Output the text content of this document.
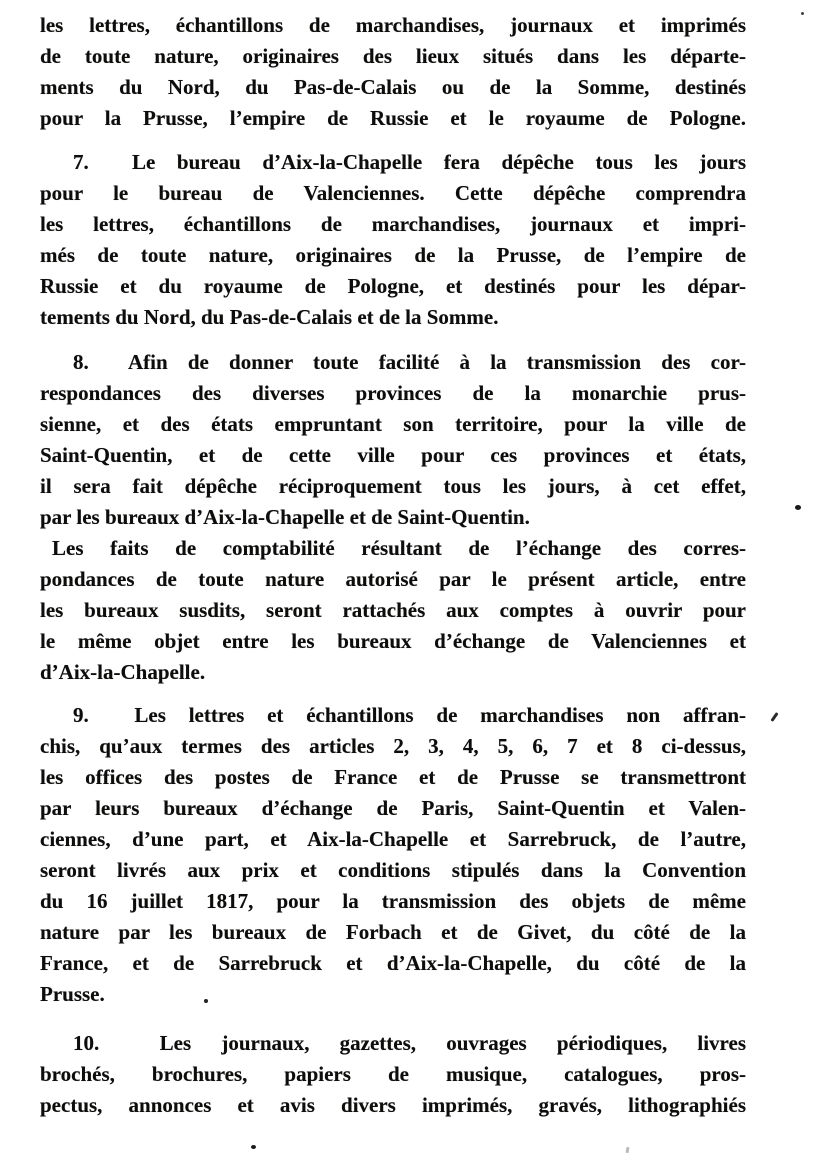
les lettres, échantillons de marchandises, journaux et imprimés
de toute nature, originaires des lieux situés dans les départe-
ments du Nord, du Pas-de-Calais ou de la Somme, destinés
pour la Prusse, l’empire de Russie et le royaume de Pologne.
7.  Le bureau d’Aix-la-Chapelle fera dépêche tous les jours
pour le bureau de Valenciennes. Cette dépêche comprendra
les lettres, échantillons de marchandises, journaux et impri-
més de toute nature, originaires de la Prusse, de l’empire de
Russie et du royaume de Pologne, et destinés pour les dépar-
tements du Nord, du Pas-de-Calais et de la Somme.
8.  Afin de donner toute facilité à la transmission des cor-
respondances des diverses provinces de la monarchie prus-
sienne, et des états empruntant son territoire, pour la ville de
Saint-Quentin, et de cette ville pour ces provinces et états,
il sera fait dépêche réciproquement tous les jours, à cet effet,
par les bureaux d’Aix-la-Chapelle et de Saint-Quentin.
Les faits de comptabilité résultant de l’échange des corres-
pondances de toute nature autorisé par le présent article, entre
les bureaux susdits, seront rattachés aux comptes à ouvrir pour
le même objet entre les bureaux d’échange de Valenciennes et
d’Aix-la-Chapelle.
9.  Les lettres et échantillons de marchandises non affran-
chis, qu’aux termes des articles 2, 3, 4, 5, 6, 7 et 8 ci-dessus,
les offices des postes de France et de Prusse se transmettront
par leurs bureaux d’échange de Paris, Saint-Quentin et Valen-
ciennes, d’une part, et Aix-la-Chapelle et Sarrebruck, de l’autre,
seront livrés aux prix et conditions stipulés dans la Convention
du 16 juillet 1817, pour la transmission des objets de même
nature par les bureaux de Forbach et de Givet, du côté de la
France, et de Sarrebruck et d’Aix-la-Chapelle, du côté de la
Prusse.
10.  Les journaux, gazettes, ouvrages périodiques, livres
brochés, brochures, papiers de musique, catalogues, pros-
pectus, annonces et avis divers imprimés, gravés, lithographiés
